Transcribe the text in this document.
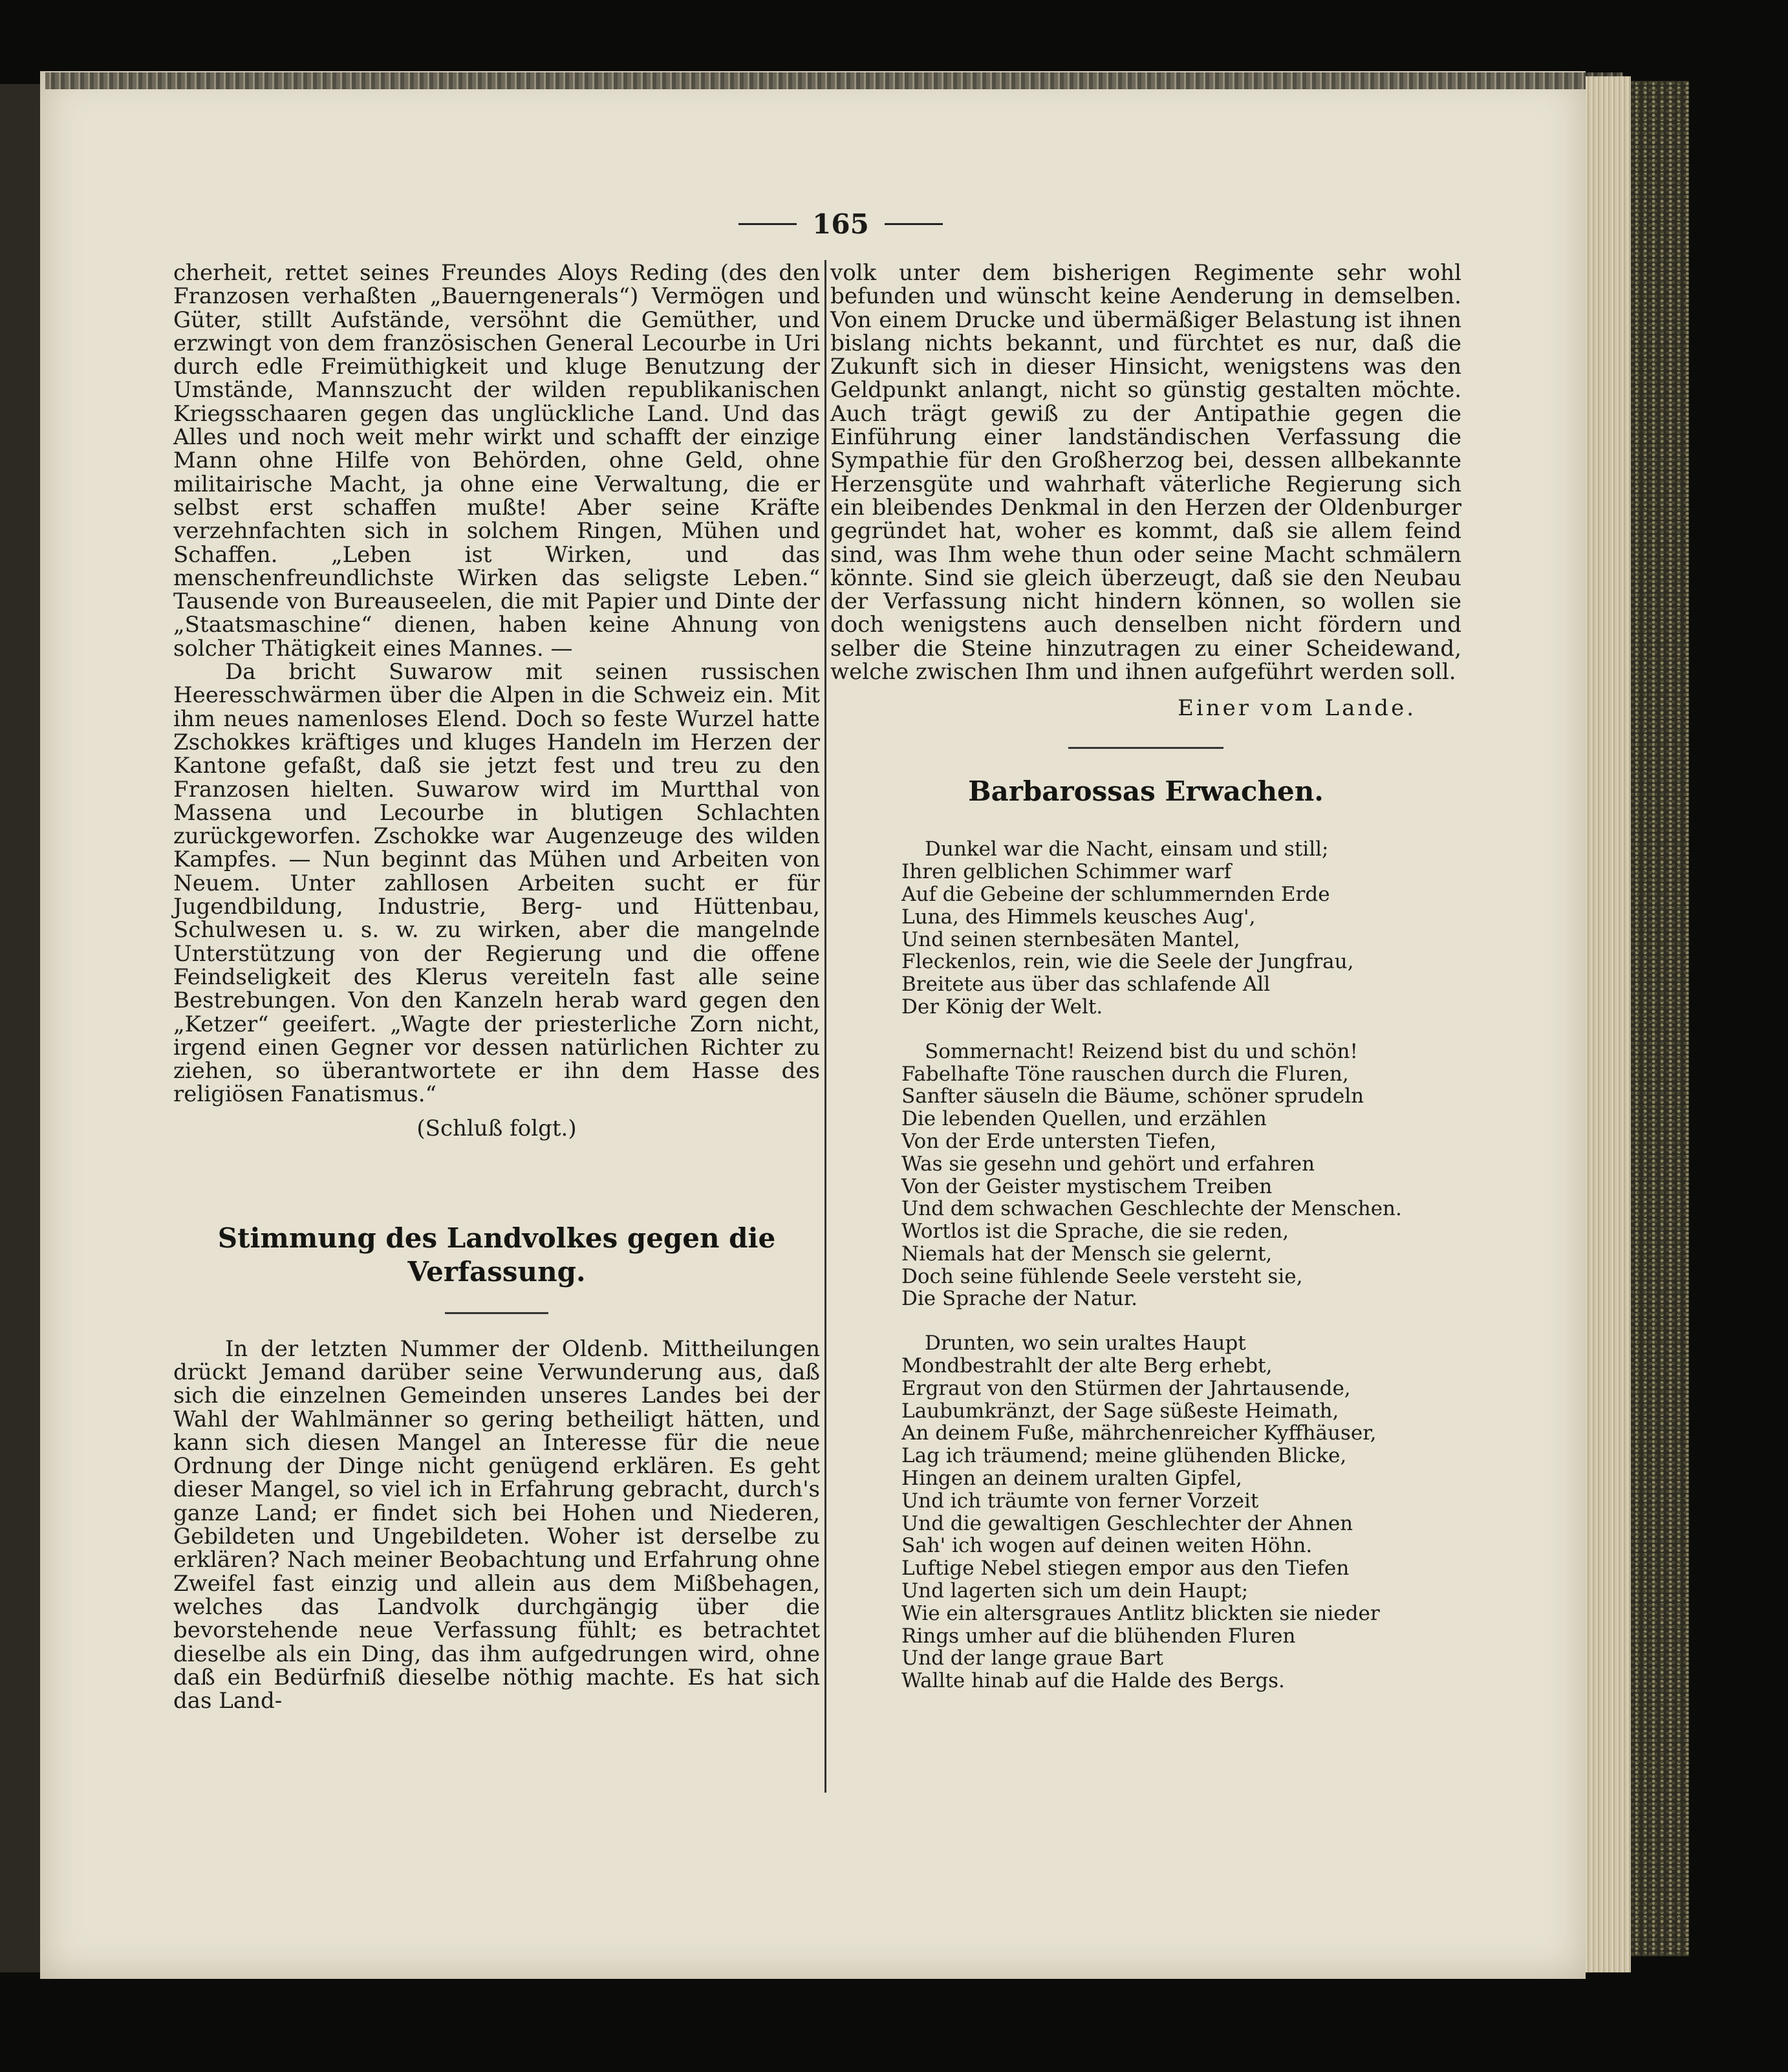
165

cherheit, rettet seines Freundes Aloys Reding (des den Franzosen verhaßten „Bauerngenerals“) Vermögen und Güter, stillt Aufstände, versöhnt die Gemüther, und erzwingt von dem französischen General Lecourbe in Uri durch edle Freimüthigkeit und kluge Benutzung der Umstände, Mannszucht der wilden republikanischen Kriegsschaaren gegen das unglückliche Land. Und das Alles und noch weit mehr wirkt und schafft der einzige Mann ohne Hilfe von Behörden, ohne Geld, ohne militairische Macht, ja ohne eine Verwaltung, die er selbst erst schaffen mußte! Aber seine Kräfte verzehnfachten sich in solchem Ringen, Mühen und Schaffen. „Leben ist Wirken, und das menschenfreundlichste Wirken das seligste Leben.“ Tausende von Bureauseelen, die mit Papier und Dinte der „Staatsmaschine“ dienen, haben keine Ahnung von solcher Thätigkeit eines Mannes. —

Da bricht Suwarow mit seinen russischen Heeresschwärmen über die Alpen in die Schweiz ein. Mit ihm neues namenloses Elend. Doch so feste Wurzel hatte Zschokkes kräftiges und kluges Handeln im Herzen der Kantone gefaßt, daß sie jetzt fest und treu zu den Franzosen hielten. Suwarow wird im Murtthal von Massena und Lecourbe in blutigen Schlachten zurückgeworfen. Zschokke war Augenzeuge des wilden Kampfes. — Nun beginnt das Mühen und Arbeiten von Neuem. Unter zahllosen Arbeiten sucht er für Jugendbildung, Industrie, Berg- und Hüttenbau, Schulwesen u. s. w. zu wirken, aber die mangelnde Unterstützung von der Regierung und die offene Feindseligkeit des Klerus vereiteln fast alle seine Bestrebungen. Von den Kanzeln herab ward gegen den „Ketzer“ geeifert. „Wagte der priesterliche Zorn nicht, irgend einen Gegner vor dessen natürlichen Richter zu ziehen, so überantwortete er ihn dem Hasse des religiösen Fanatismus.“

(Schluß folgt.)
Stimmung des Landvolkes gegen die Verfassung.

In der letzten Nummer der Oldenb. Mittheilungen drückt Jemand darüber seine Verwunderung aus, daß sich die einzelnen Gemeinden unseres Landes bei der Wahl der Wahlmänner so gering betheiligt hätten, und kann sich diesen Mangel an Interesse für die neue Ordnung der Dinge nicht genügend erklären. Es geht dieser Mangel, so viel ich in Erfahrung gebracht, durch's ganze Land; er findet sich bei Hohen und Niederen, Gebildeten und Ungebildeten. Woher ist derselbe zu erklären? Nach meiner Beobachtung und Erfahrung ohne Zweifel fast einzig und allein aus dem Mißbehagen, welches das Landvolk durchgängig über die bevorstehende neue Verfassung fühlt; es betrachtet dieselbe als ein Ding, das ihm aufgedrungen wird, ohne daß ein Bedürfniß dieselbe nöthig machte. Es hat sich das Land-

volk unter dem bisherigen Regimente sehr wohl befunden und wünscht keine Aenderung in demselben. Von einem Drucke und übermäßiger Belastung ist ihnen bislang nichts bekannt, und fürchtet es nur, daß die Zukunft sich in dieser Hinsicht, wenigstens was den Geldpunkt anlangt, nicht so günstig gestalten möchte. Auch trägt gewiß zu der Antipathie gegen die Einführung einer landständischen Verfassung die Sympathie für den Großherzog bei, dessen allbekannte Herzensgüte und wahrhaft väterliche Regierung sich ein bleibendes Denkmal in den Herzen der Oldenburger gegründet hat, woher es kommt, daß sie allem feind sind, was Ihm wehe thun oder seine Macht schmälern könnte. Sind sie gleich überzeugt, daß sie den Neubau der Verfassung nicht hindern können, so wollen sie doch wenigstens auch denselben nicht fördern und selber die Steine hinzutragen zu einer Scheidewand, welche zwischen Ihm und ihnen aufgeführt werden soll.

Einer vom Lande.
Barbarossas Erwachen.
Dunkel war die Nacht, einsam und still;
Ihren gelblichen Schimmer warf
Auf die Gebeine der schlummernden Erde
Luna, des Himmels keusches Aug',
Und seinen sternbesäten Mantel,
Fleckenlos, rein, wie die Seele der Jungfrau,
Breitete aus über das schlafende All
Der König der Welt.
Sommernacht! Reizend bist du und schön!
Fabelhafte Töne rauschen durch die Fluren,
Sanfter säuseln die Bäume, schöner sprudeln
Die lebenden Quellen, und erzählen
Von der Erde untersten Tiefen,
Was sie gesehn und gehört und erfahren
Von der Geister mystischem Treiben
Und dem schwachen Geschlechte der Menschen.
Wortlos ist die Sprache, die sie reden,
Niemals hat der Mensch sie gelernt,
Doch seine fühlende Seele versteht sie,
Die Sprache der Natur.
Drunten, wo sein uraltes Haupt
Mondbestrahlt der alte Berg erhebt,
Ergraut von den Stürmen der Jahrtausende,
Laubumkränzt, der Sage süßeste Heimath,
An deinem Fuße, mährchenreicher Kyffhäuser,
Lag ich träumend; meine glühenden Blicke,
Hingen an deinem uralten Gipfel,
Und ich träumte von ferner Vorzeit
Und die gewaltigen Geschlechter der Ahnen
Sah' ich wogen auf deinen weiten Höhn.
Luftige Nebel stiegen empor aus den Tiefen
Und lagerten sich um dein Haupt;
Wie ein altersgraues Antlitz blickten sie nieder
Rings umher auf die blühenden Fluren
Und der lange graue Bart
Wallte hinab auf die Halde des Bergs.
